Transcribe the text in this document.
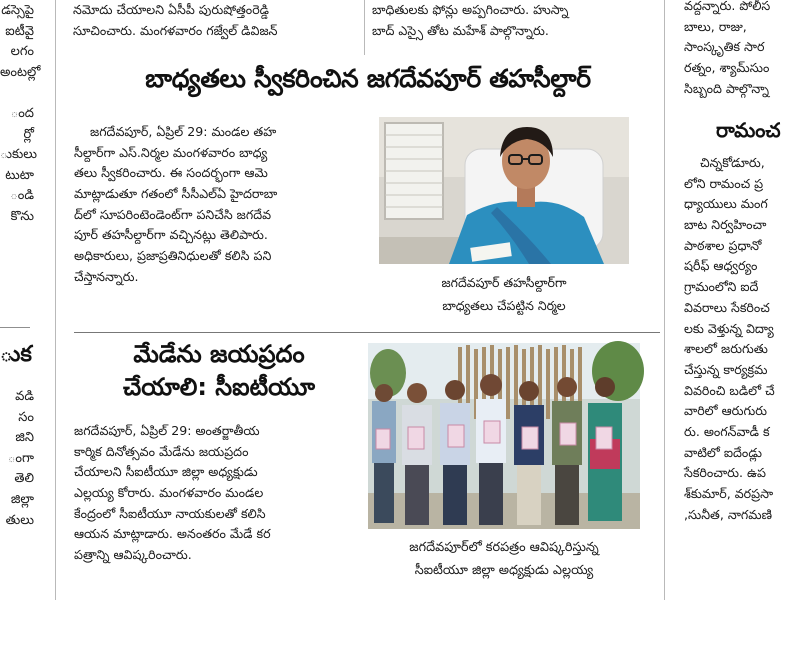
డస్సెపై
ఐటీవై
లగం
అంటల్లో
ంద
ర్లో
ుకులు
టుటా
ండి
కొను
ుక
వడి
సం
జిని
ంగా
తెలి
జిల్లా
తులు
నమోదు చేయాలని ఏసీపీ పురుషోత్తంరెడ్డి
సూచించారు. మంగళవారం గజ్వేల్ డివిజన్
బాధితులకు ఫోన్లు అప్పగించారు. హుస్నా
బాద్ ఎస్సై తోట మహేశ్ పాల్గొన్నారు.
బాధ్యతలు స్వీకరించిన జగదేవపూర్ తహసీల్దార్
జగదేవపూర్, ఏప్రిల్ 29: మండల తహ
సీల్దార్‌గా ఎస్.నిర్మల మంగళవారం బాధ్య
తలు స్వీకరించారు. ఈ సందర్భంగా ఆమె
మాట్లాడుతూ గతంలో సీసీఎల్ఏ హైదరాబా
ద్‌లో సూపరింటెండెంట్‌గా పనిచేసి జగదేవ
పూర్ తహసీల్దార్‌గా వచ్చినట్లు తెలిపారు.
అధికారులు, ప్రజాప్రతినిధులతో కలిసి పని
చేస్తానన్నారు.	జగదేవపూర్ తహసీల్దార్‌గా
బాధ్యతలు చేపట్టిన నిర్మల
మేడేను జయప్రదం
చేయాలి: సీఐటీయూ
జగదేవపూర్, ఏప్రిల్ 29: అంతర్జాతీయ
కార్మిక దినోత్సవం మేడేను జయప్రదం
చేయాలని సీఐటీయూ జిల్లా అధ్యక్షుడు
ఎల్లయ్య కోరారు. మంగళవారం మండల
కేంద్రంలో సీఐటీయూ నాయకులతో కలిసి
ఆయన మాట్లాడారు. అనంతరం మేడే కర
పత్రాన్ని ఆవిష్కరించారు.	జగదేవపూర్‌లో కరపత్రం ఆవిష్కరిస్తున్న
సీఐటీయూ జిల్లా అధ్యక్షుడు ఎల్లయ్య
వద్దన్నారు. పోలీస
బాలు, రాజు,
సాంస్కృతిక సార
రత్నం, శ్యామ్‌సుం
సిబ్బంది పాల్గొన్నా
రామంచ
చిన్నకోడూరు,
లోని రామంచ ప్ర
ధ్యాయులు మంగ
బాట నిర్వహించా
పాఠశాల ప్రధానో
షరీఫ్ ఆధ్వర్యం
గ్రామంలోని ఐదే
వివరాలు సేకరించ
లకు వెళ్తున్న విద్యా
శాలలో జరుగుతు
చేస్తున్న కార్యక్రమ
వివరించి బడిలో చే
వారిలో ఆరుగురు
రు. అంగన్‌వాడీ క
వాటిలో ఐదేండ్లు
సేకరించారు. ఉప
శ్‌కుమార్, వరప్రసా
,సునీత, నాగమణి
